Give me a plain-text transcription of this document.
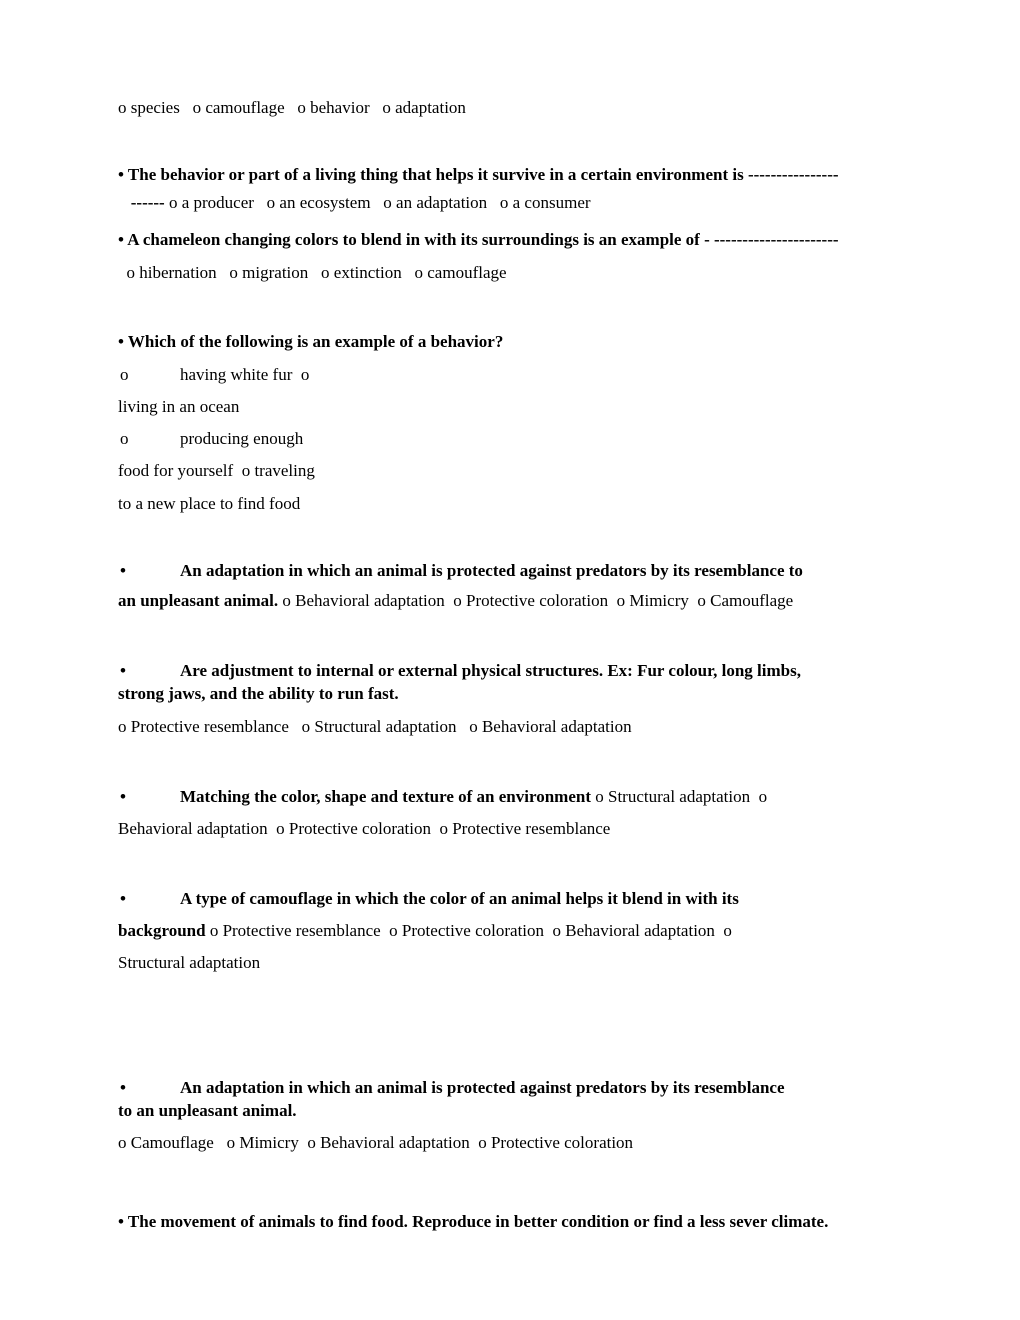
o species   o camouflage   o behavior   o adaptation
• The behavior or part of a living thing that helps it survive in a certain environment is ----------------
------ o a producer   o an ecosystem   o an adaptation   o a consumer
• A chameleon changing colors to blend in with its surroundings is an example of - ----------------------
o hibernation   o migration   o extinction   o camouflage
• Which of the following is an example of a behavior?
o	having white fur  o
living in an ocean
o	producing enough
food for yourself  o traveling
to a new place to find food
•	An adaptation in which an animal is protected against predators by its resemblance to
an unpleasant animal. o Behavioral adaptation  o Protective coloration  o Mimicry  o Camouflage
•	Are adjustment to internal or external physical structures. Ex: Fur colour, long limbs,
strong jaws, and the ability to run fast.
o Protective resemblance   o Structural adaptation   o Behavioral adaptation
•	Matching the color, shape and texture of an environment o Structural adaptation  o
Behavioral adaptation  o Protective coloration  o Protective resemblance
•	A type of camouflage in which the color of an animal helps it blend in with its
background o Protective resemblance  o Protective coloration  o Behavioral adaptation  o
Structural adaptation
•	An adaptation in which an animal is protected against predators by its resemblance
to an unpleasant animal.
o Camouflage   o Mimicry  o Behavioral adaptation  o Protective coloration
• The movement of animals to find food. Reproduce in better condition or find a less sever climate.
